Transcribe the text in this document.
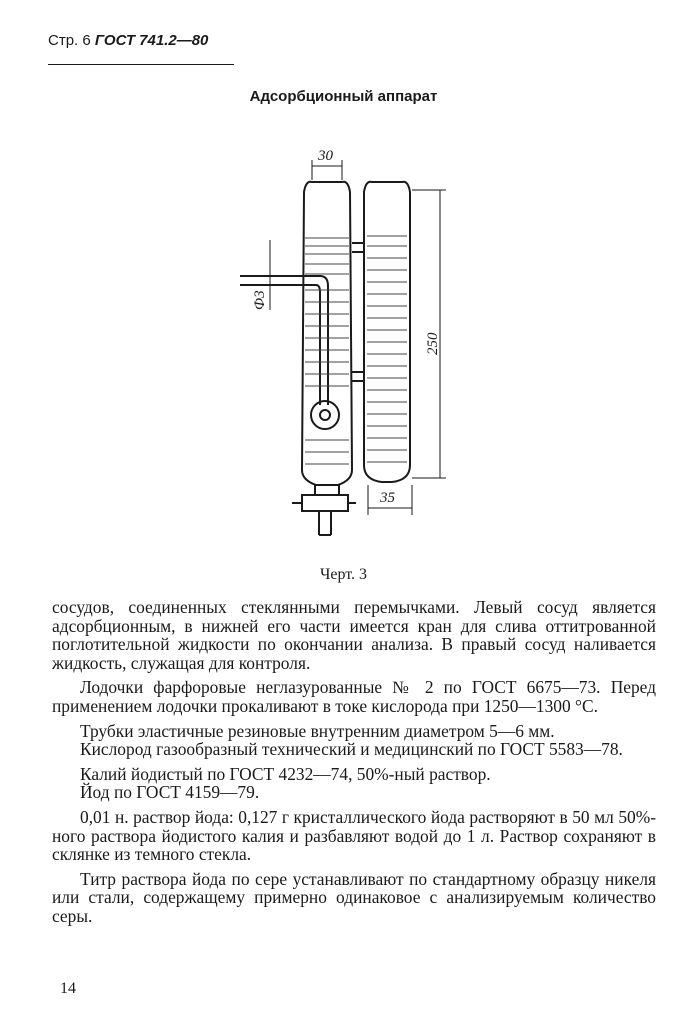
Стр. 6 ГОСТ 741.2—80
Адсорбционный аппарат
30
Ф3
250
35
Черт. 3

сосудов, соединенных стеклянными перемычками. Левый сосуд является адсорбционным, в нижней его части имеется кран для слива оттитрованной поглотительной жидкости по окончании анализа. В правый сосуд наливается жидкость, служащая для контроля.

Лодочки фарфоровые неглазурованные № 2 по ГОСТ 6675—73. Перед применением лодочки прокаливают в токе кислорода при 1250—1300 °С.

Трубки эластичные резиновые внутренним диаметром 5—6 мм.

Кислород газообразный технический и медицинский по ГОСТ 5583—78.

Калий йодистый по ГОСТ 4232—74, 50%-ный раствор.

Йод по ГОСТ 4159—79.

0,01 н. раствор йода: 0,127 г кристаллического йода растворяют в 50 мл 50%-ного раствора йодистого калия и разбавляют водой до 1 л. Раствор сохраняют в склянке из темного стекла.

Титр раствора йода по сере устанавливают по стандартному образцу никеля или стали, содержащему примерно одинаковое с анализируемым количество серы.

14
